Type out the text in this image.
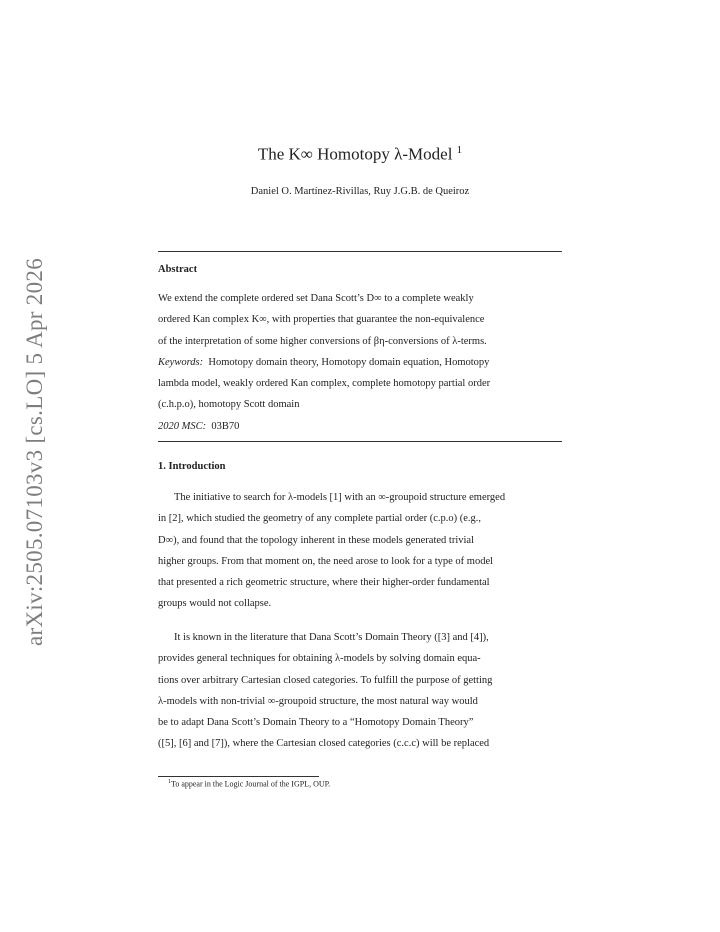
arXiv:2505.07103v3 [cs.LO] 5 Apr 2026
The K∞ Homotopy λ-Model $^1$
Daniel O. Martínez-Rivillas, Ruy J.G.B. de Queiroz
Abstract
We extend the complete ordered set Dana Scott’s D∞ to a complete weakly
ordered Kan complex K∞, with properties that guarantee the non-equivalence
of the interpretation of some higher conversions of βη-conversions of λ-terms.
Keywords: Homotopy domain theory, Homotopy domain equation, Homotopy
lambda model, weakly ordered Kan complex, complete homotopy partial order
(c.h.p.o), homotopy Scott domain
2020 MSC: 03B70
1. Introduction
The initiative to search for λ-models [1] with an ∞-groupoid structure emerged
in [2], which studied the geometry of any complete partial order (c.p.o) (e.g.,
D∞), and found that the topology inherent in these models generated trivial
higher groups. From that moment on, the need arose to look for a type of model
that presented a rich geometric structure, where their higher-order fundamental
groups would not collapse.
It is known in the literature that Dana Scott’s Domain Theory ([3] and [4]),
provides general techniques for obtaining λ-models by solving domain equa-
tions over arbitrary Cartesian closed categories. To fulfill the purpose of getting
λ-models with non-trivial ∞-groupoid structure, the most natural way would
be to adapt Dana Scott’s Domain Theory to a “Homotopy Domain Theory”
([5], [6] and [7]), where the Cartesian closed categories (c.c.c) will be replaced
$^1$To appear in the Logic Journal of the IGPL, OUP.
